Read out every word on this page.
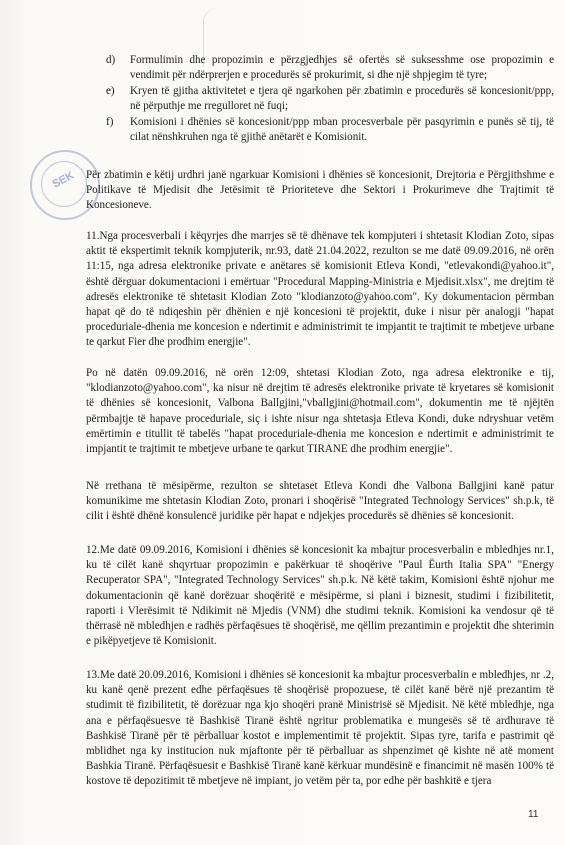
d) Formulimin dhe propozimin e përzgjedhjes së ofertës së suksesshme ose propozimin e vendimit për ndërprerjen e procedurës së prokurimit, si dhe një shpjegim të tyre;
e) Kryen të gjitha aktivitetet e tjera që ngarkohen për zbatimin e procedurës së koncesionit/ppp, në përputhje me rregulloret në fuqi;
f) Komisioni i dhënies së koncesionit/ppp mban procesverbale për pasqyrimin e punës së tij, të cilat nënshkruhen nga të gjithë anëtarët e Komisionit.
SEK Për zbatimin e këtij urdhri janë ngarkuar Komisioni i dhënies së koncesionit, Drejtoria e Përgjithshme e Politikave të Mjedisit dhe Jetësimit të Prioriteteve dhe Sektori i Prokurimeve dhe Trajtimit të Koncesioneve.

11.Nga procesverbali i këqyrjes dhe marrjes së të dhënave tek kompjuteri i shtetasit Klodian Zoto, sipas aktit të ekspertimit teknik kompjuterik, nr.93, datë 21.04.2022, rezulton se me datë 09.09.2016, në orën 11:15, nga adresa elektronike private e anëtares së komisionit Etleva Kondi, "etlevakondi@yahoo.it", është dërguar dokumentacioni i emërtuar "Procedural Mapping-Ministria e Mjedisit.xlsx", me drejtim të adresës elektronike të shtetasit Klodian Zoto "klodianzoto@yahoo.com". Ky dokumentacion përmban hapat që do të ndiqeshin për dhënien e një koncesioni të projektit, duke i nisur për analogji "hapat proceduriale-dhenia me koncesion e ndertimit e administrimit te impjantit te trajtimit te mbetjeve urbane te qarkut Fier dhe prodhim energjie".

Po në datën 09.09.2016, në orën 12:09, shtetasi Klodian Zoto, nga adresa elektronike e tij, "klodianzoto@yahoo.com", ka nisur në drejtim të adresës elektronike private të kryetares së komisionit të dhënies së koncesionit, Valbona Ballgjini,"vballgjini@hotmail.com", dokumentin me të njëjtën përmbajtje të hapave proceduriale, siç i ishte nisur nga shtetasja Etleva Kondi, duke ndryshuar vetëm emërtimin e titullit të tabelës "hapat proceduriale-dhenia me koncesion e ndertimit e administrimit te impjantit te trajtimit te mbetjeve urbane te qarkut TIRANE dhe prodhim energjie".

Në rrethana të mësipërme, rezulton se shtetaset Etleva Kondi dhe Valbona Ballgjini kanë patur komunikime me shtetasin Klodian Zoto, pronari i shoqërisë "Integrated Technology Services" sh.p.k, të cilit i është dhënë konsulencë juridike për hapat e ndjekjes procedurës së dhënies së koncesionit.

12.Me datë 09.09.2016, Komisioni i dhënies së koncesionit ka mbajtur procesverbalin e mbledhjes nr.1, ku të cilët kanë shqyrtuar propozimin e pakërkuar të shoqërive "Paul Ëurth Italia SPA" "Energy Recuperator SPA", "Integrated Technology Services" sh.p.k. Në këtë takim, Komisioni është njohur me dokumentacionin që kanë dorëzuar shoqëritë e mësipërme, si plani i biznesit, studimi i fizibilitetit, raporti i Vlerësimit të Ndikimit në Mjedis (VNM) dhe studimi teknik. Komisioni ka vendosur që të thërrasë në mbledhjen e radhës përfaqësues të shoqërisë, me qëllim prezantimin e projektit dhe shterimin e pikëpyetjeve të Komisionit.

13.Me datë 20.09.2016, Komisioni i dhënies së koncesionit ka mbajtur procesverbalin e mbledhjes, nr .2, ku kanë qenë prezent edhe përfaqësues të shoqërisë propozuese, të cilët kanë bërë një prezantim të studimit të fizibilitetit, të dorëzuar nga kjo shoqëri pranë Ministrisë së Mjedisit. Në këtë mbledhje, nga ana e përfaqësuesve të Bashkisë Tiranë është ngritur problematika e mungesës së të ardhurave të Bashkisë Tiranë për të përballuar kostot e implementimit të projektit. Sipas tyre, tarifa e pastrimit që mblidhet nga ky institucion nuk mjaftonte për të përballuar as shpenzimet që kishte në atë moment Bashkia Tiranë. Përfaqësuesit e Bashkisë Tiranë kanë kërkuar mundësinë e financimit në masën 100% të kostove të depozitimit të mbetjeve në impiant, jo vetëm për ta, por edhe për bashkitë e tjera

11
